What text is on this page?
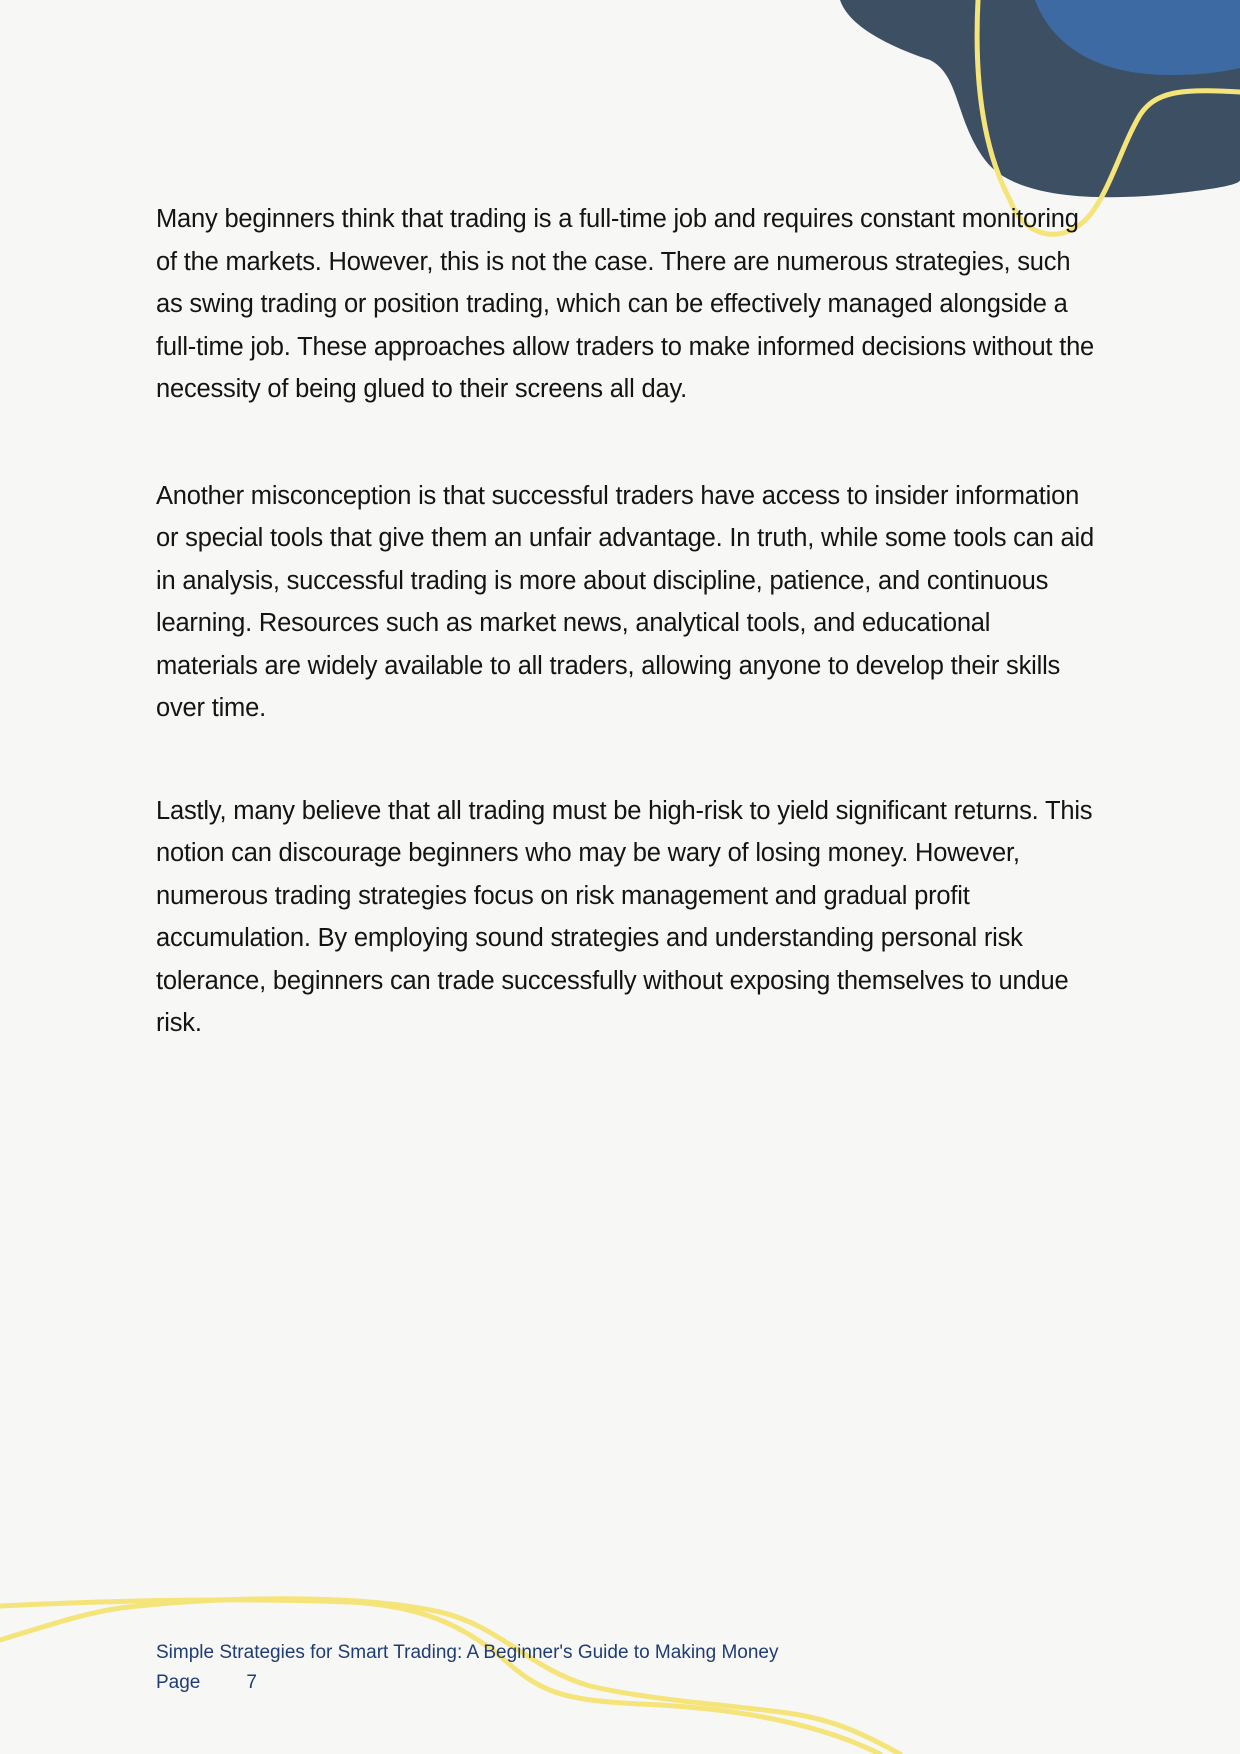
Many beginners think that trading is a full-time job and requires constant monitoring of the markets. However, this is not the case. There are numerous strategies, such as swing trading or position trading, which can be effectively managed alongside a full-time job. These approaches allow traders to make informed decisions without the necessity of being glued to their screens all day.

Another misconception is that successful traders have access to insider information or special tools that give them an unfair advantage. In truth, while some tools can aid in analysis, successful trading is more about discipline, patience, and continuous learning. Resources such as market news, analytical tools, and educational materials are widely available to all traders, allowing anyone to develop their skills over time.

Lastly, many believe that all trading must be high-risk to yield significant returns. This notion can discourage beginners who may be wary of losing money. However, numerous trading strategies focus on risk management and gradual profit accumulation. By employing sound strategies and understanding personal risk tolerance, beginners can trade successfully without exposing themselves to undue risk.

Simple Strategies for Smart Trading: A Beginner's Guide to Making Money
Page 7
